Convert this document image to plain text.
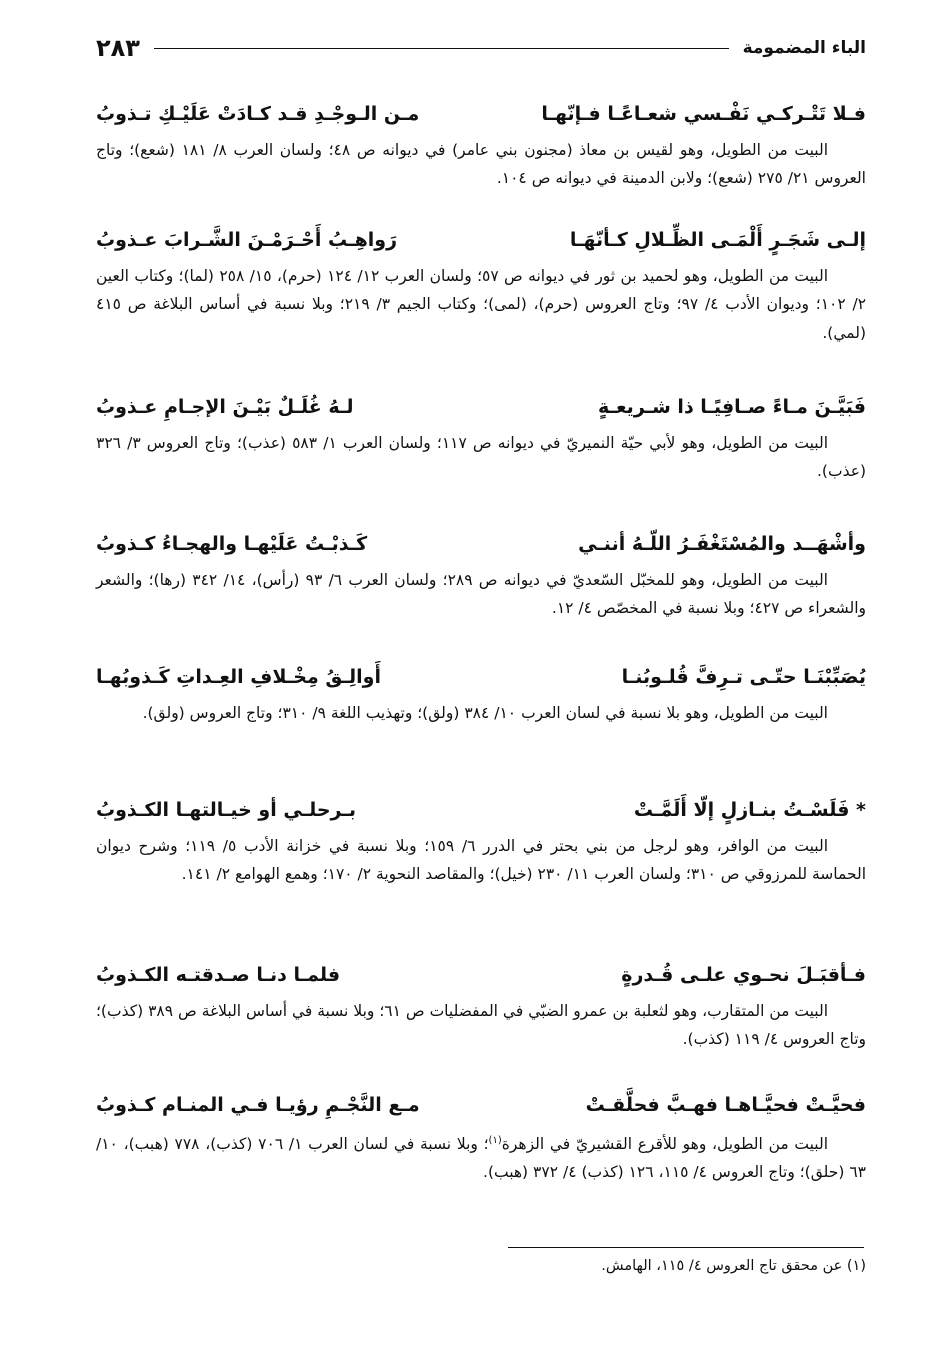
الباء المضمومة
٢٨٣
فـلا تَتْـركـي نَفْـسي شعـاعًـا فـإنّهـا
مـن الـوجْـدِ قـد كـادَتْ عَلَيْـكِ تـذوبُ
البيت من الطويل، وهو لقيس بن معاذ (مجنون بني عامر) في ديوانه ص ٤٨؛ ولسان العرب ٨/ ١٨١ (شعع)؛ وتاج العروس ٢١/ ٢٧٥ (شعع)؛ ولابن الدمينة في ديوانه ص ١٠٤.
إلـى شَجَـرٍ أَلْمَـى الظِّـلالِ كـأنّهَـا
رَواهِـبُ أَحْـرَمْـنَ الشَّـرابَ عـذوبُ
البيت من الطويل، وهو لحميد بن ثور في ديوانه ص ٥٧؛ ولسان العرب ١٢/ ١٢٤ (حرم)، ١٥/ ٢٥٨ (لما)؛ وكتاب العين ٢/ ١٠٢؛ وديوان الأدب ٤/ ٩٧؛ وتاج العروس (حرم)، (لمى)؛ وكتاب الجيم ٣/ ٢١٩؛ وبلا نسبة في أساس البلاغة ص ٤١٥ (لمي).
فَبَيَّـنَ مـاءً صـافِيًـا ذا شـريعـةٍ
لـهُ غُلَـلٌ بَيْـنَ الإجـامِ عـذوبُ
البيت من الطويل، وهو لأبي حيّة النميريّ في ديوانه ص ١١٧؛ ولسان العرب ١/ ٥٨٣ (عذب)؛ وتاج العروس ٣/ ٣٢٦ (عذب).
وأشْهَــد والمُسْتَغْفَـرُ اللّـهُ أننـي
كَـذبْـتُ عَلَيْهـا والهجـاءُ كـذوبُ
البيت من الطويل، وهو للمخبّل السّعديّ في ديوانه ص ٢٨٩؛ ولسان العرب ٦/ ٩٣ (رأس)، ١٤/ ٣٤٢ (رها)؛ والشعر والشعراء ص ٤٢٧؛ وبلا نسبة في المخصّص ٤/ ١٢.
يُصَبِّبْنَـا حتّـى تـرِفَّ قُلـوبُنـا
أَوالِـقُ مِخْـلافِ العِـداتِ كَـذوبُهـا
البيت من الطويل، وهو بلا نسبة في لسان العرب ١٠/ ٣٨٤ (ولق)؛ وتهذيب اللغة ٩/ ٣١٠؛ وتاج العروس (ولق).
* فَلَسْـتُ بنـازلٍ إلّا أَلَمَّـتْ
بـرحلـي أو خيـالتهـا الكـذوبُ
البيت من الوافر، وهو لرجل من بني بحتر في الدرر ٦/ ١٥٩؛ وبلا نسبة في خزانة الأدب ٥/ ١١٩؛ وشرح ديوان الحماسة للمرزوقي ص ٣١٠؛ ولسان العرب ١١/ ٢٣٠ (خيل)؛ والمقاصد النحوية ٢/ ١٧٠؛ وهمع الهوامع ٢/ ١٤١.
فـأقبَـلَ نحـوي علـى قُـدرةٍ
فلمـا دنـا صـدقتـه الكـذوبُ
البيت من المتقارب، وهو لثعلبة بن عمرو الضبّي في المفضليات ص ٦١؛ وبلا نسبة في أساس البلاغة ص ٣٨٩ (كذب)؛ وتاج العروس ٤/ ١١٩ (كذب).
فحيَّـتْ فحيَّـاهـا فهـبَّ فحلَّقـتْ
مـع النَّجْـمِ رؤيـا فـي المنـام كـذوبُ
البيت من الطويل، وهو للأقرع القشيريّ في الزهرة$^{(١)}$؛ وبلا نسبة في لسان العرب ١/ ٧٠٦ (كذب)، ٧٧٨ (هبب)، ١٠/ ٦٣ (حلق)؛ وتاج العروس ٤/ ١١٥، ١٢٦ (كذب) ٤/ ٣٧٢ (هبب).
(١) عن محقق تاج العروس ٤/ ١١٥، الهامش.
